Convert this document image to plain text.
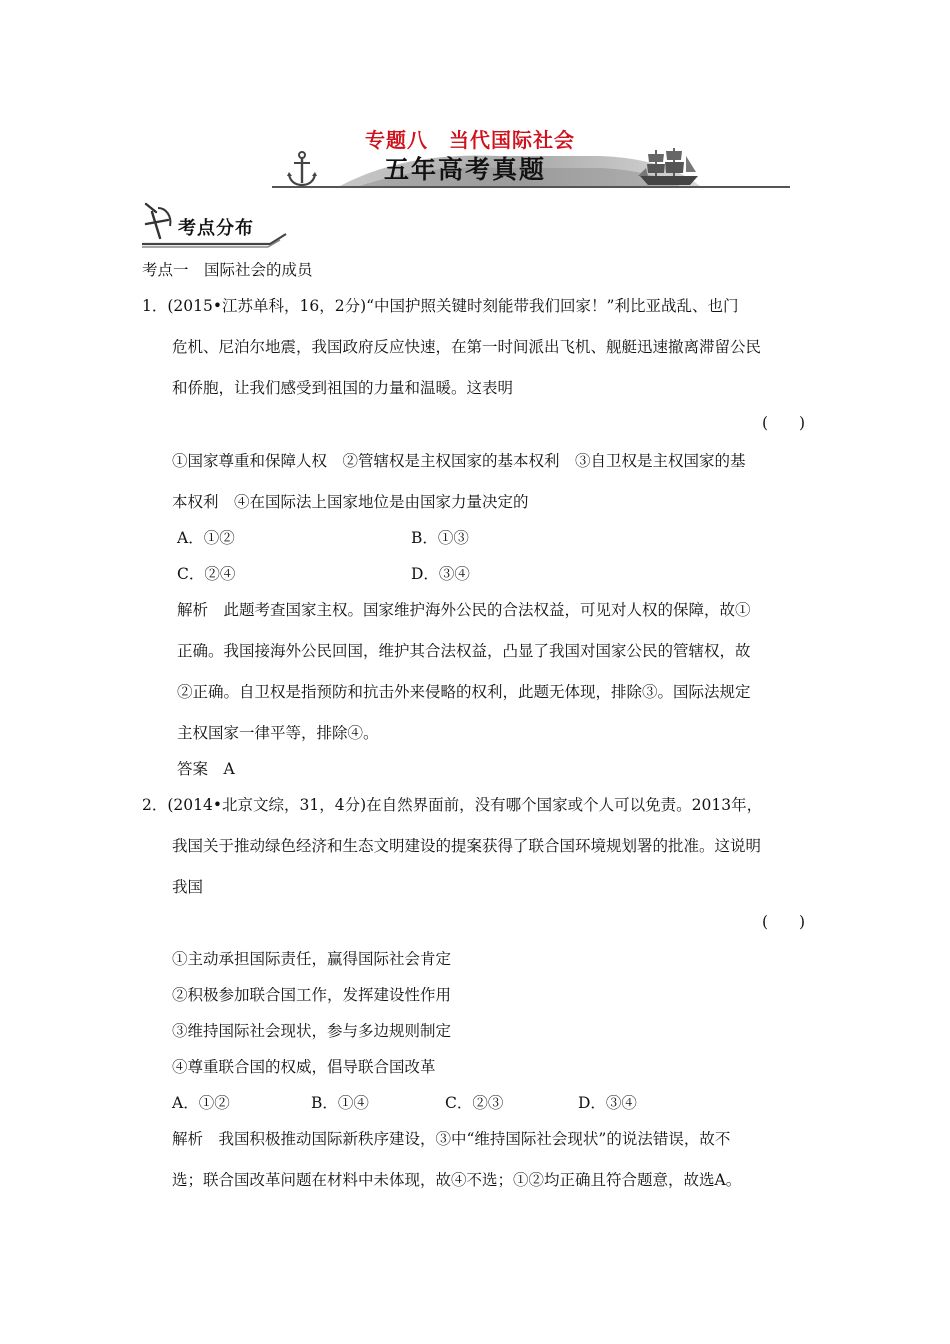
专题八　当代国际社会
五年高考真题
考点分布
考点一　国际社会的成员
1．(2015•江苏单科，16，2分)“中国护照关键时刻能带我们回家！”利比亚战乱、也门
危机、尼泊尔地震，我国政府反应快速，在第一时间派出飞机、舰艇迅速撤离滞留公民
和侨胞，让我们感受到祖国的力量和温暖。这表明
(　　)
①国家尊重和保障人权　②管辖权是主权国家的基本权利　③自卫权是主权国家的基
本权利　④在国际法上国家地位是由国家力量决定的
A．①②	B．①③
C．②④	D．③④
解析　此题考查国家主权。国家维护海外公民的合法权益，可见对人权的保障，故①
正确。我国接海外公民回国，维护其合法权益，凸显了我国对国家公民的管辖权，故
②正确。自卫权是指预防和抗击外来侵略的权利，此题无体现，排除③。国际法规定
主权国家一律平等，排除④。
答案　A
2．(2014•北京文综，31，4分)在自然界面前，没有哪个国家或个人可以免责。2013年，
我国关于推动绿色经济和生态文明建设的提案获得了联合国环境规划署的批准。这说明
我国
(　　)
①主动承担国际责任，赢得国际社会肯定
②积极参加联合国工作，发挥建设性作用
③维持国际社会现状，参与多边规则制定
④尊重联合国的权威，倡导联合国改革
A．①②	B．①④	C．②③	D．③④
解析　我国积极推动国际新秩序建设，③中“维持国际社会现状”的说法错误，故不
选；联合国改革问题在材料中未体现，故④不选；①②均正确且符合题意，故选A。
